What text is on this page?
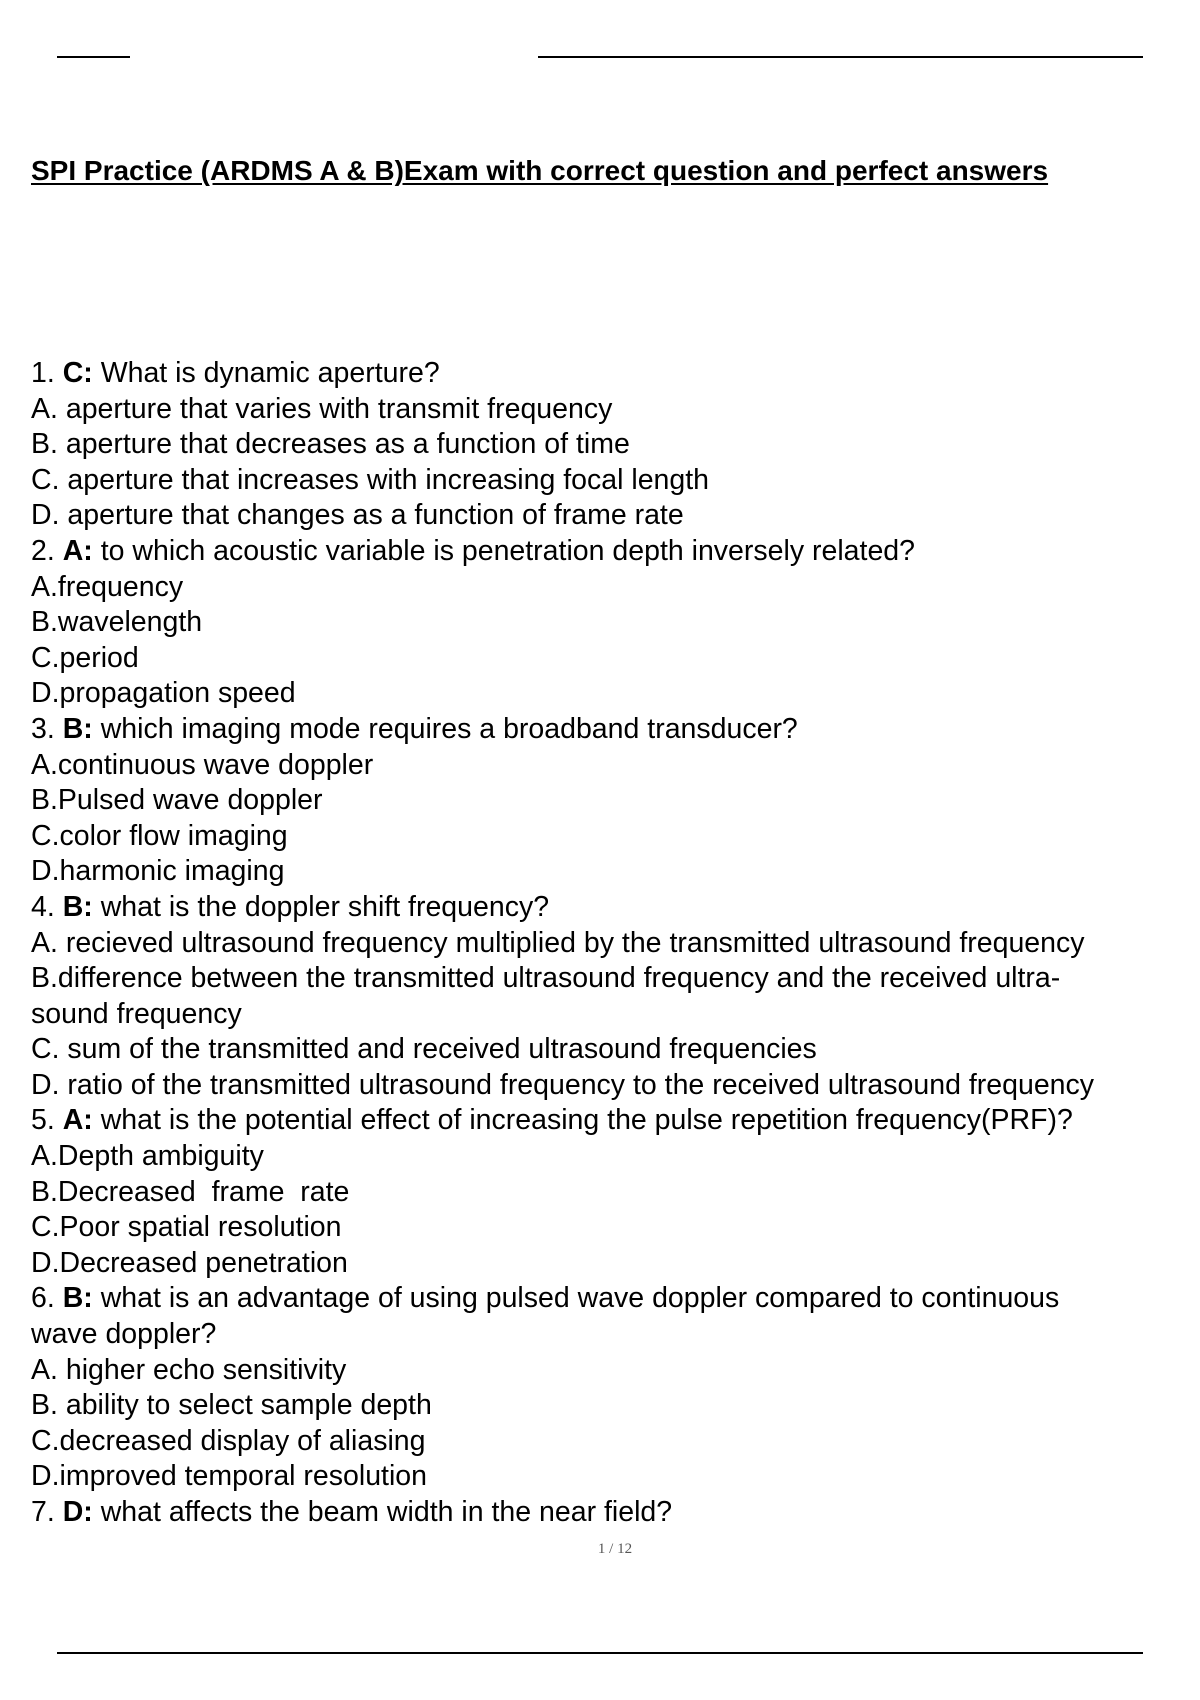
SPI Practice (ARDMS A & B)Exam with correct question and perfect answers
1. C: What is dynamic aperture?
A. aperture that varies with transmit frequency
B. aperture that decreases as a function of time
C. aperture that increases with increasing focal length
D. aperture that changes as a function of frame rate
2. A: to which acoustic variable is penetration depth inversely related?
A.frequency
B.wavelength
C.period
D.propagation speed
3. B: which imaging mode requires a broadband transducer?
A.continuous wave doppler
B.Pulsed wave doppler
C.color flow imaging
D.harmonic imaging
4. B: what is the doppler shift frequency?
A. recieved ultrasound frequency multiplied by the transmitted ultrasound frequency
B.difference between the transmitted ultrasound frequency and the received ultra-
sound frequency
C. sum of the transmitted and received ultrasound frequencies
D. ratio of the transmitted ultrasound frequency to the received ultrasound frequency
5. A: what is the potential effect of increasing the pulse repetition frequency(PRF)?
A.Depth ambiguity
B.Decreased  frame  rate
C.Poor spatial resolution
D.Decreased penetration
6. B: what is an advantage of using pulsed wave doppler compared to continuous
wave doppler?
A. higher echo sensitivity
B. ability to select sample depth
C.decreased display of aliasing
D.improved temporal resolution
7. D: what affects the beam width in the near field?
1 / 12
